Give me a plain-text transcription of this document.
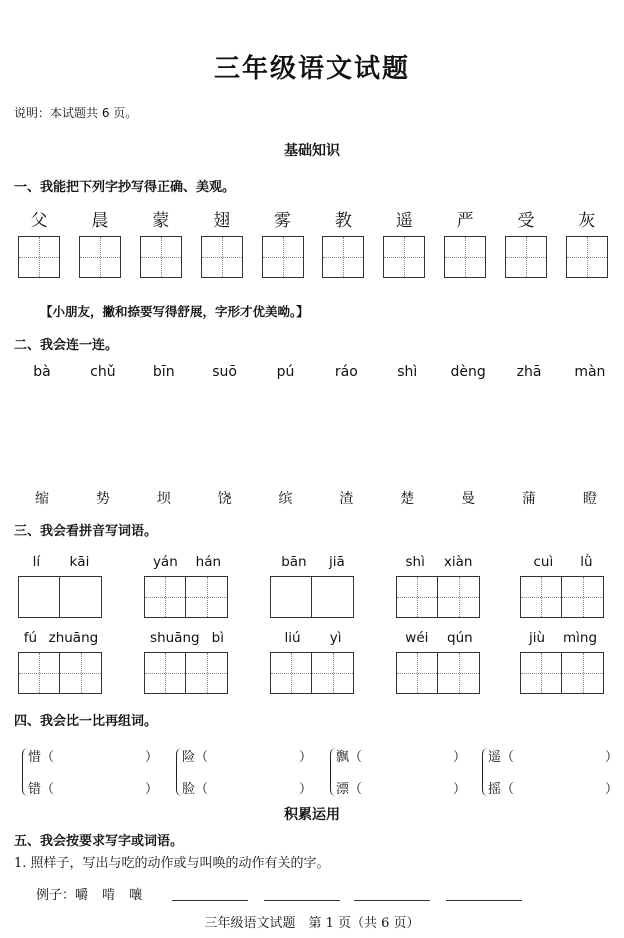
三年级语文试题
说明：本试题共 6 页。
基础知识
一、我能把下列字抄写得正确、美观。
父	晨	蒙	翅	雾	教	遥	严	受	灰
【小朋友，撇和捺要写得舒展，字形才优美呦。】
二、我会连一连。
bà	chǔ	bīn	suō	pú	ráo	shì	dèng	zhā	màn
缩	势	坝	饶	缤	渣	楚	曼	蒲	瞪
三、我会看拼音写词语。
lí kāi	yán hán	bān jiā	shì xiàn	cuì lǜ
fú zhuāng	shuāng bì	liú yì	wéi qún	jiù mìng
四、我会比一比再组词。
惜（	）
错（	）
险（	）
脸（	）
飘（	）
漂（	）
遥（	）
摇（	）
积累运用
五、我会按要求写字或词语。
1. 照样子，写出与吃的动作或与叫唤的动作有关的字。
例子：嚼 啃 嚷
三年级语文试题　第 1 页（共 6 页）
